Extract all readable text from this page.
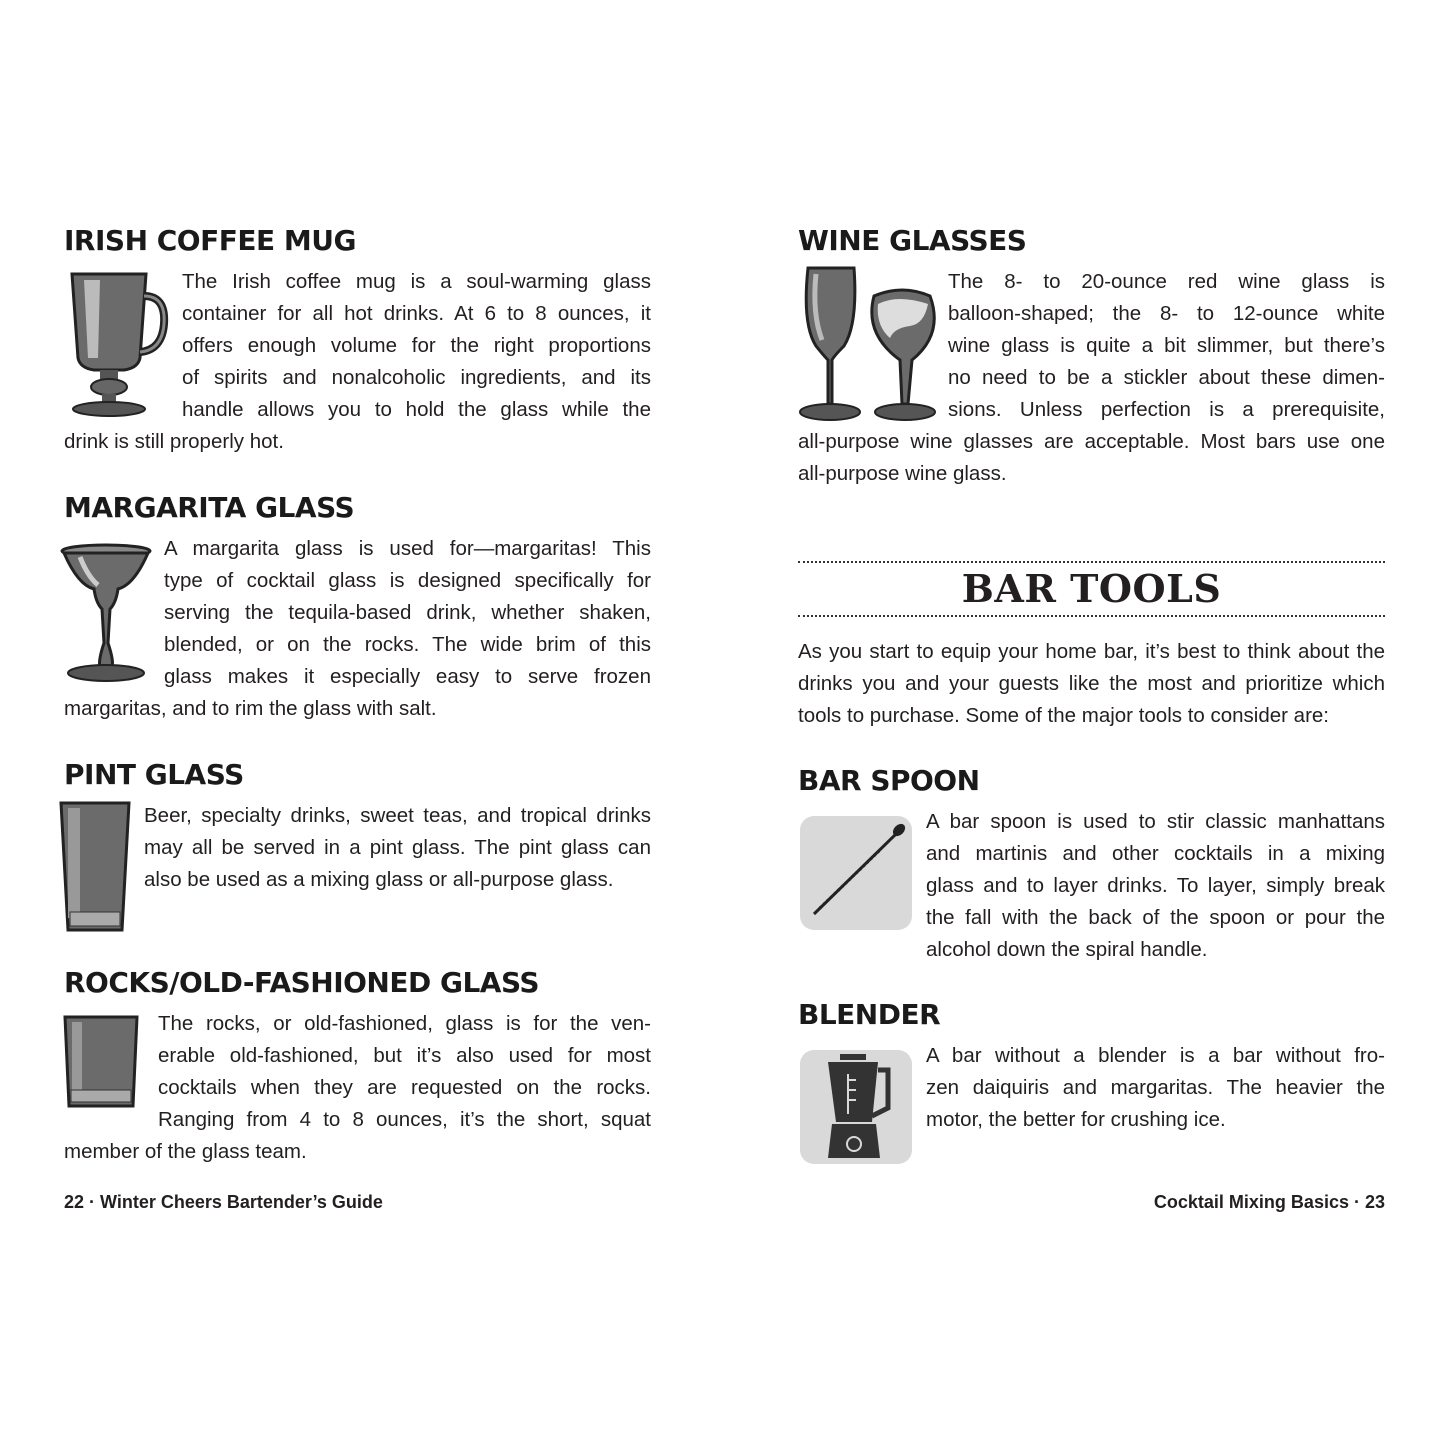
IRISH COFFEE MUG
The Irish coffee mug is a soul-warming glass
container for all hot drinks. At 6 to 8 ounces, it
offers enough volume for the right proportions
of spirits and nonalcoholic ingredients, and its
handle allows you to hold the glass while the
drink is still properly hot.
MARGARITA GLASS
A margarita glass is used for—margaritas! This
type of cocktail glass is designed specifically for
serving the tequila-based drink, whether shaken,
blended, or on the rocks. The wide brim of this
glass makes it especially easy to serve frozen
margaritas, and to rim the glass with salt.
PINT GLASS
Beer, specialty drinks, sweet teas, and tropical drinks
may all be served in a pint glass. The pint glass can
also be used as a mixing glass or all-purpose glass.
ROCKS/OLD-FASHIONED GLASS
The rocks, or old-fashioned, glass is for the ven-
erable old-fashioned, but it’s also used for most
cocktails when they are requested on the rocks.
Ranging from 4 to 8 ounces, it’s the short, squat
member of the glass team.
22 · Winter Cheers Bartender’s Guide
WINE GLASSES
The 8- to 20-ounce red wine glass is
balloon-shaped; the 8- to 12-ounce white
wine glass is quite a bit slimmer, but there’s
no need to be a stickler about these dimen-
sions. Unless perfection is a prerequisite,
all-purpose wine glasses are acceptable. Most bars use one
all-purpose wine glass.
BAR TOOLS
As you start to equip your home bar, it’s best to think about the
drinks you and your guests like the most and prioritize which
tools to purchase. Some of the major tools to consider are:
BAR SPOON
A bar spoon is used to stir classic manhattans
and martinis and other cocktails in a mixing
glass and to layer drinks. To layer, simply break
the fall with the back of the spoon or pour the
alcohol down the spiral handle.
BLENDER
A bar without a blender is a bar without fro-
zen daiquiris and margaritas. The heavier the
motor, the better for crushing ice.
Cocktail Mixing Basics · 23
